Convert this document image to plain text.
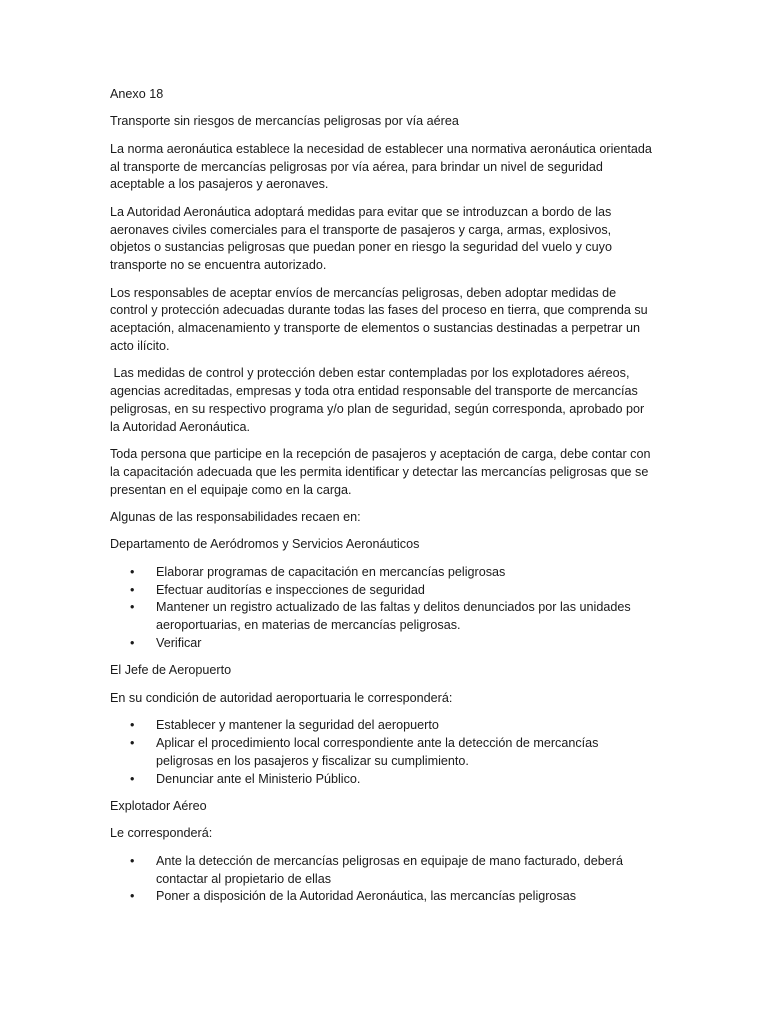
Anexo 18

Transporte sin riesgos de mercancías peligrosas por vía aérea

La norma aeronáutica establece la necesidad de establecer una normativa aeronáutica orientada al transporte de mercancías peligrosas por vía aérea, para brindar un nivel de seguridad aceptable a los pasajeros y aeronaves.

La Autoridad Aeronáutica adoptará medidas para evitar que se introduzcan a bordo de las aeronaves civiles comerciales para el transporte de pasajeros y carga, armas, explosivos, objetos o sustancias peligrosas que puedan poner en riesgo la seguridad del vuelo y cuyo transporte no se encuentra autorizado.

Los responsables de aceptar envíos de mercancías peligrosas, deben adoptar medidas de control y protección adecuadas durante todas las fases del proceso en tierra, que comprenda su aceptación, almacenamiento y transporte de elementos o sustancias destinadas a perpetrar un acto ilícito.

Las medidas de control y protección deben estar contempladas por los explotadores aéreos, agencias acreditadas, empresas y toda otra entidad responsable del transporte de mercancías peligrosas, en su respectivo programa y/o plan de seguridad, según corresponda, aprobado por la Autoridad Aeronáutica.

Toda persona que participe en la recepción de pasajeros y aceptación de carga, debe contar con la capacitación adecuada que les permita identificar y detectar las mercancías peligrosas que se presentan en el equipaje como en la carga.

Algunas de las responsabilidades recaen en:

Departamento de Aeródromos y Servicios Aeronáuticos

• Elaborar programas de capacitación en mercancías peligrosas
• Efectuar auditorías e inspecciones de seguridad
• Mantener un registro actualizado de las faltas y delitos denunciados por las unidades aeroportuarias, en materias de mercancías peligrosas.
• Verificar

El Jefe de Aeropuerto

En su condición de autoridad aeroportuaria le corresponderá:

• Establecer y mantener la seguridad del aeropuerto
• Aplicar el procedimiento local correspondiente ante la detección de mercancías peligrosas en los pasajeros y fiscalizar su cumplimiento.
• Denunciar ante el Ministerio Público.

Explotador Aéreo

Le corresponderá:

• Ante la detección de mercancías peligrosas en equipaje de mano facturado, deberá contactar al propietario de ellas
• Poner a disposición de la Autoridad Aeronáutica, las mercancías peligrosas
